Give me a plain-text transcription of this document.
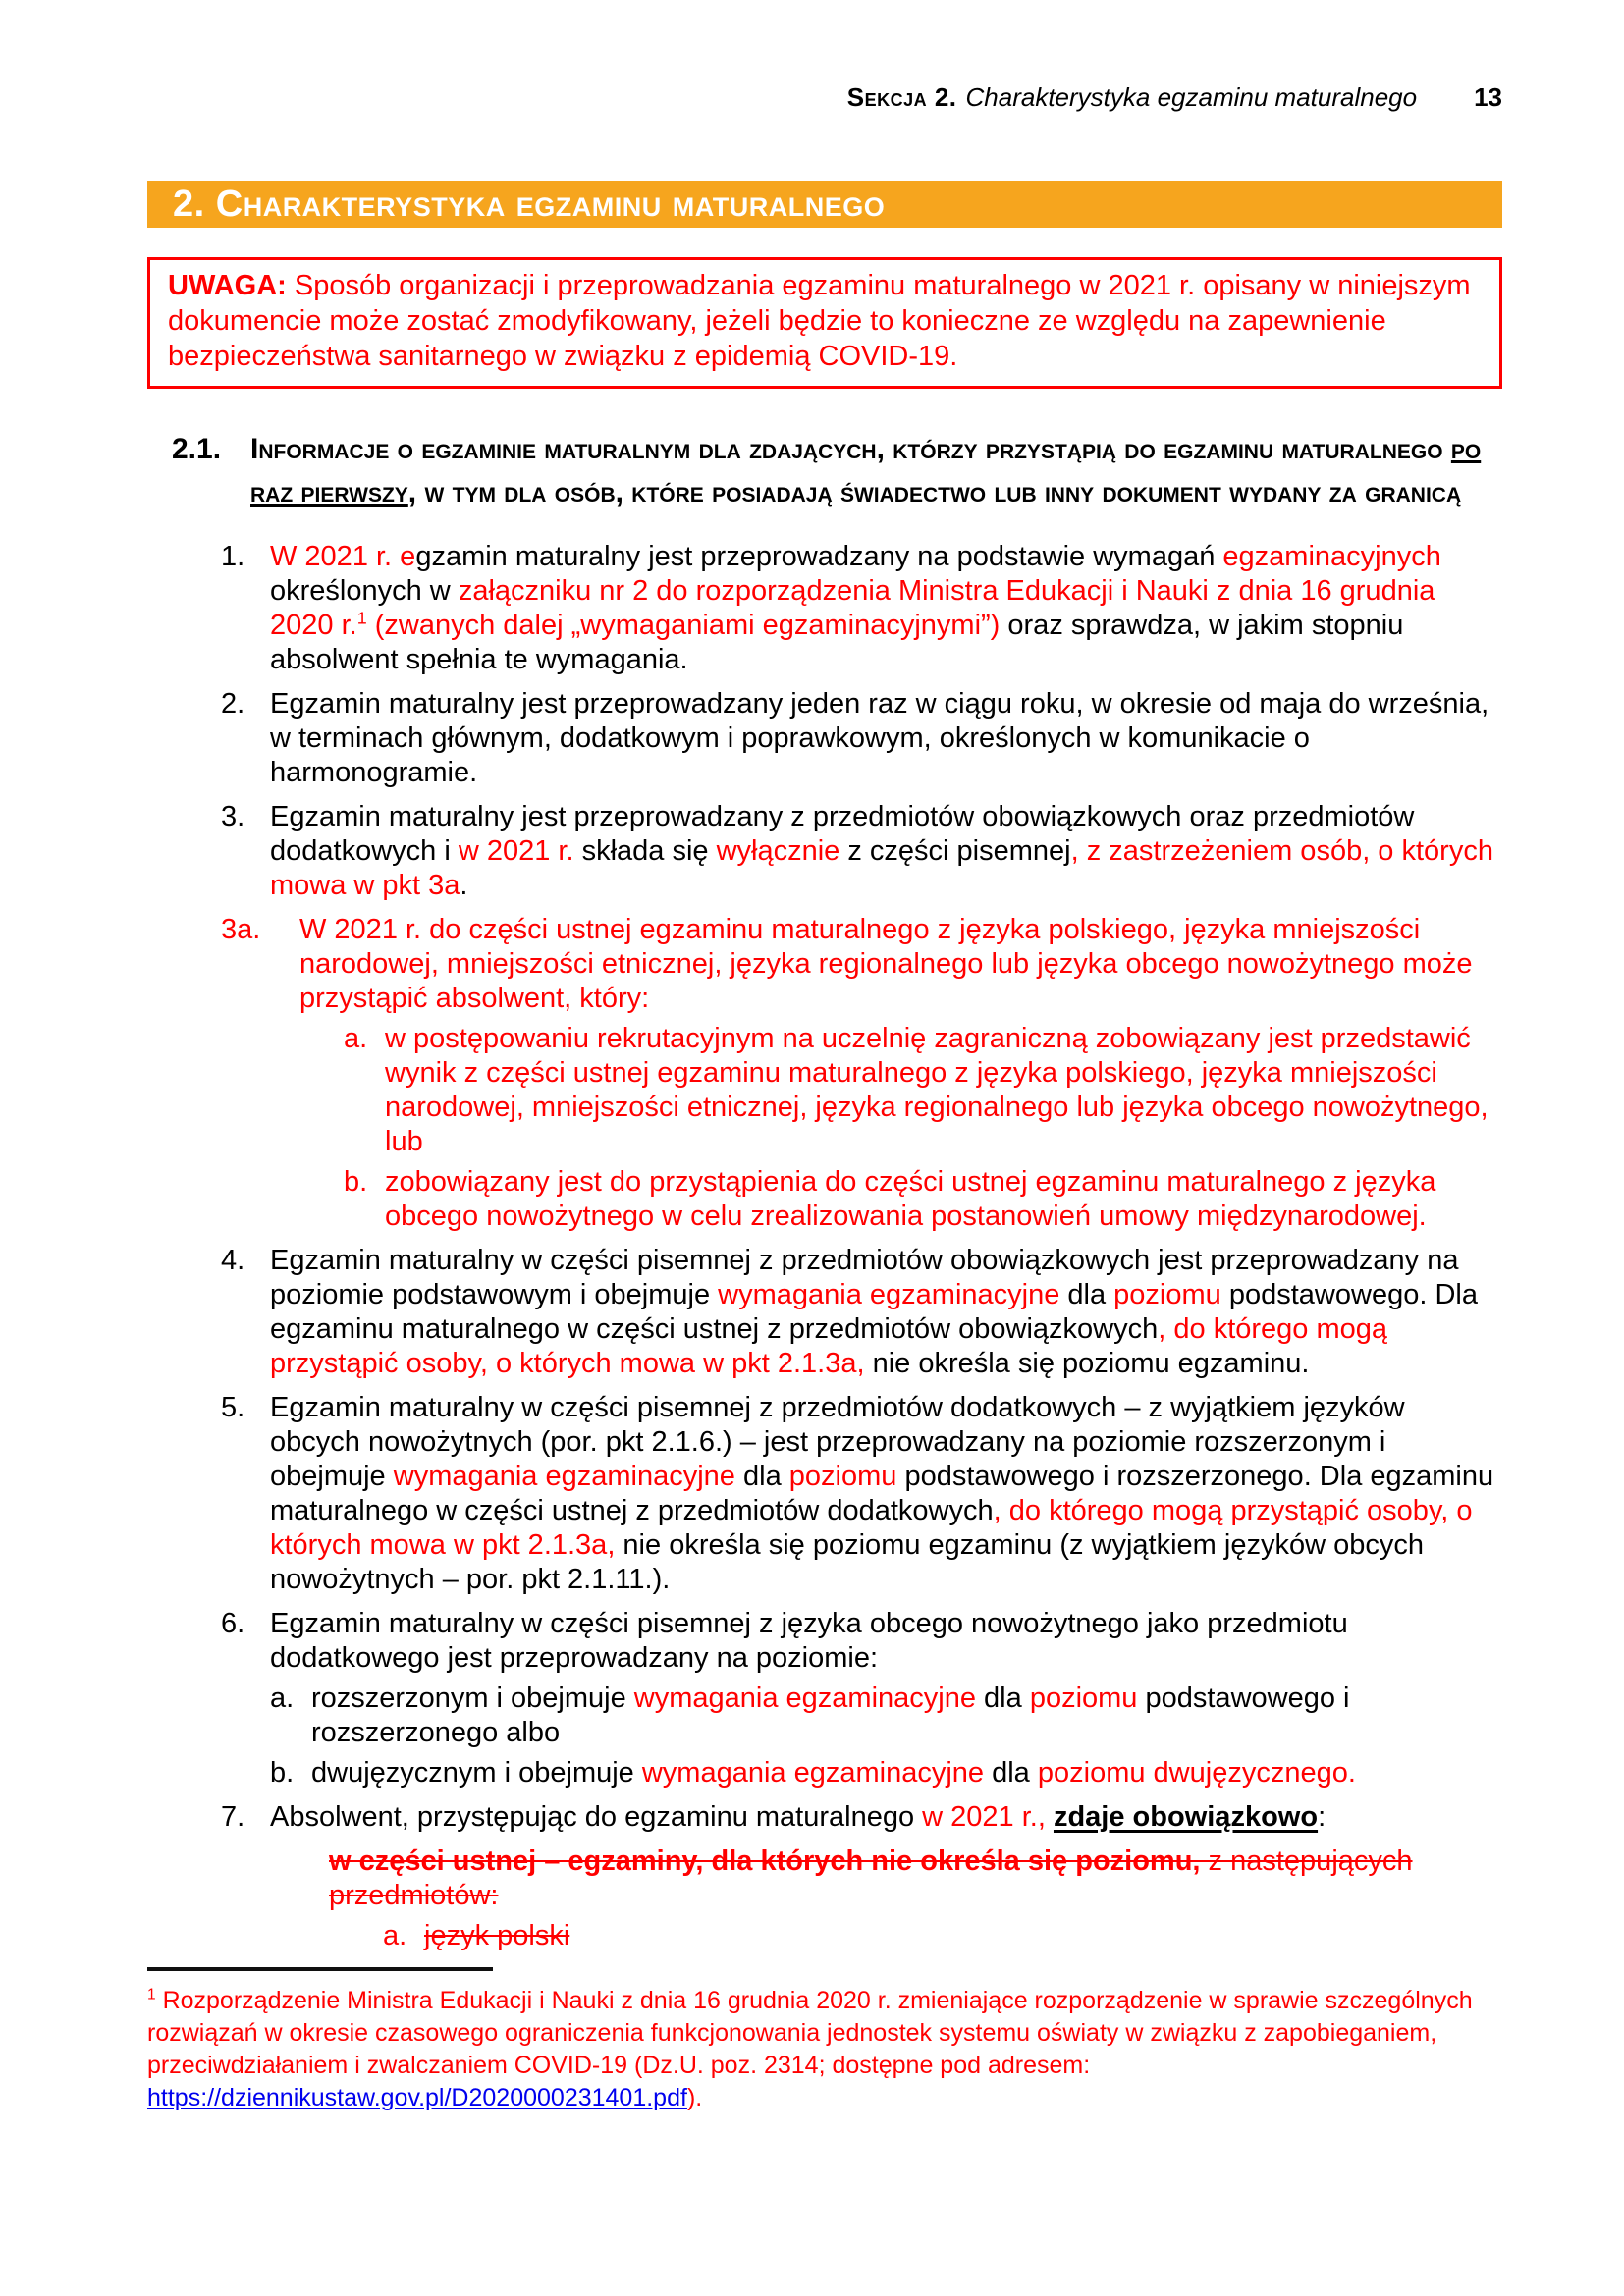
Sekcja 2. Charakterystyka egzaminu maturalnego 13
2. Charakterystyka egzaminu maturalnego

UWAGA: Sposób organizacji i przeprowadzania egzaminu maturalnego w 2021 r. opisany w niniejszym dokumencie może zostać zmodyfikowany, jeżeli będzie to konieczne ze względu na zapewnienie bezpieczeństwa sanitarnego w związku z epidemią COVID-19.

2.1. Informacje o egzaminie maturalnym dla zdających, którzy przystąpią do egzaminu maturalnego po raz pierwszy, w tym dla osób, które posiadają świadectwo lub inny dokument wydany za granicą
1. W 2021 r. egzamin maturalny jest przeprowadzany na podstawie wymagań egzaminacyjnych określonych w załączniku nr 2 do rozporządzenia Ministra Edukacji i Nauki z dnia 16 grudnia 2020 r.$^1$ (zwanych dalej „wymaganiami egzaminacyjnymi”) oraz sprawdza, w jakim stopniu absolwent spełnia te wymagania.
2. Egzamin maturalny jest przeprowadzany jeden raz w ciągu roku, w okresie od maja do września, w terminach głównym, dodatkowym i poprawkowym, określonych w komunikacie o harmonogramie.
3. Egzamin maturalny jest przeprowadzany z przedmiotów obowiązkowych oraz przedmiotów dodatkowych i w 2021 r. składa się wyłącznie z części pisemnej, z zastrzeżeniem osób, o których mowa w pkt 3a.
3a.	W 2021 r. do części ustnej egzaminu maturalnego z języka polskiego, języka mniejszości narodowej, mniejszości etnicznej, języka regionalnego lub języka obcego nowożytnego może przystąpić absolwent, który:
a. w postępowaniu rekrutacyjnym na uczelnię zagraniczną zobowiązany jest przedstawić wynik z części ustnej egzaminu maturalnego z języka polskiego, języka mniejszości narodowej, mniejszości etnicznej, języka regionalnego lub języka obcego nowożytnego, lub
b. zobowiązany jest do przystąpienia do części ustnej egzaminu maturalnego z języka obcego nowożytnego w celu zrealizowania postanowień umowy międzynarodowej.
4. Egzamin maturalny w części pisemnej z przedmiotów obowiązkowych jest przeprowadzany na poziomie podstawowym i obejmuje wymagania egzaminacyjne dla poziomu podstawowego. Dla egzaminu maturalnego w części ustnej z przedmiotów obowiązkowych, do którego mogą przystąpić osoby, o których mowa w pkt 2.1.3a, nie określa się poziomu egzaminu.
5. Egzamin maturalny w części pisemnej z przedmiotów dodatkowych – z wyjątkiem języków obcych nowożytnych (por. pkt 2.1.6.) – jest przeprowadzany na poziomie rozszerzonym i obejmuje wymagania egzaminacyjne dla poziomu podstawowego i rozszerzonego. Dla egzaminu maturalnego w części ustnej z przedmiotów dodatkowych, do którego mogą przystąpić osoby, o których mowa w pkt 2.1.3a, nie określa się poziomu egzaminu (z wyjątkiem języków obcych nowożytnych – por. pkt 2.1.11.).
6. Egzamin maturalny w części pisemnej z języka obcego nowożytnego jako przedmiotu dodatkowego jest przeprowadzany na poziomie:
a. rozszerzonym i obejmuje wymagania egzaminacyjne dla poziomu podstawowego i rozszerzonego albo
b. dwujęzycznym i obejmuje wymagania egzaminacyjne dla poziomu dwujęzycznego.
7. Absolwent, przystępując do egzaminu maturalnego w 2021 r., zdaje obowiązkowo:
w części ustnej – egzaminy, dla których nie określa się poziomu, z następujących przedmiotów:
a. język polski

$^1$ Rozporządzenie Ministra Edukacji i Nauki z dnia 16 grudnia 2020 r. zmieniające rozporządzenie w sprawie szczególnych rozwiązań w okresie czasowego ograniczenia funkcjonowania jednostek systemu oświaty w związku z zapobieganiem, przeciwdziałaniem i zwalczaniem COVID-19 (Dz.U. poz. 2314; dostępne pod adresem: https://dziennikustaw.gov.pl/D2020000231401.pdf).
